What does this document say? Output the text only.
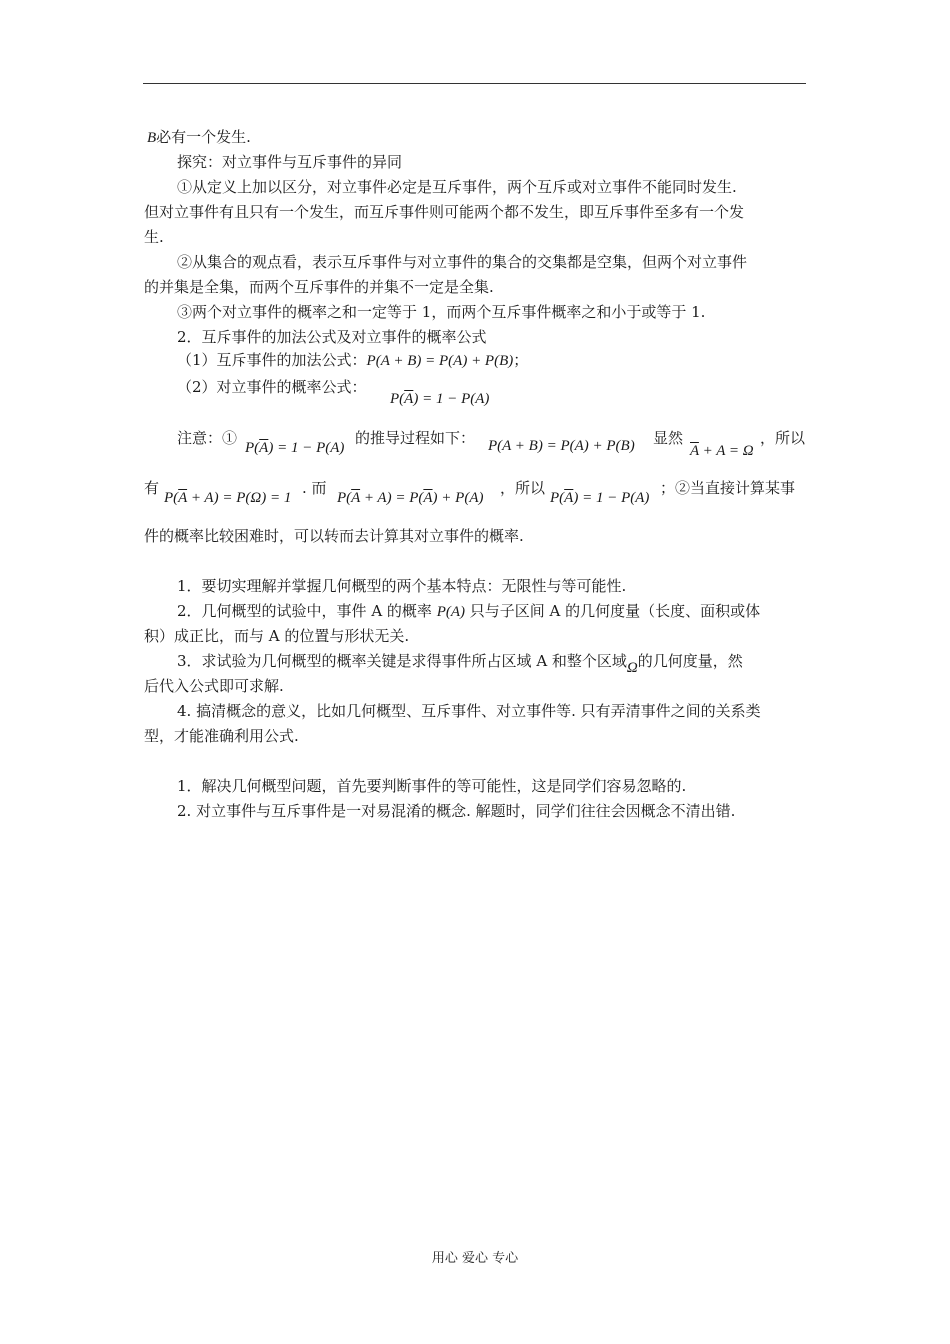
B必有一个发生.
探究：对立事件与互斥事件的异同
①从定义上加以区分，对立事件必定是互斥事件，两个互斥或对立事件不能同时发生.
但对立事件有且只有一个发生，而互斥事件则可能两个都不发生，即互斥事件至多有一个发
生.
②从集合的观点看，表示互斥事件与对立事件的集合的交集都是空集，但两个对立事件
的并集是全集，而两个互斥事件的并集不一定是全集.
③两个对立事件的概率之和一定等于 1，而两个互斥事件概率之和小于或等于 1.
2．互斥事件的加法公式及对立事件的概率公式
（1）互斥事件的加法公式：P(A + B) = P(A) + P(B)；
（2）对立事件的概率公式：
$P(\overline{A}) = 1 - P(A)$
注意：①
$P(\overline{A}) = 1 - P(A)$
的推导过程如下： P(A + B) = P(A) + P(B) 显然
$\overline{A} + A = \Omega$
，所以
有
$P(\overline{A} + A) = P(\Omega) = 1$
. 而
$P(\overline{A} + A) = P(\overline{A}) + P(A)$
，所以
$P(\overline{A}) = 1 - P(A)$
；②当直接计算某事
件的概率比较困难时，可以转而去计算其对立事件的概率.
1．要切实理解并掌握几何概型的两个基本特点：无限性与等可能性.
2．几何概型的试验中，事件 A 的概率 P(A) 只与子区间 A 的几何度量（长度、面积或体
积）成正比，而与 A 的位置与形状无关.
3．求试验为几何概型的概率关键是求得事件所占区域 A 和整个区域Ω的几何度量，然
后代入公式即可求解.
4. 搞清概念的意义，比如几何概型、互斥事件、对立事件等. 只有弄清事件之间的关系类
型，才能准确利用公式.
1．解决几何概型问题，首先要判断事件的等可能性，这是同学们容易忽略的.
2. 对立事件与互斥事件是一对易混淆的概念. 解题时，同学们往往会因概念不清出错.
用心 爱心 专心
